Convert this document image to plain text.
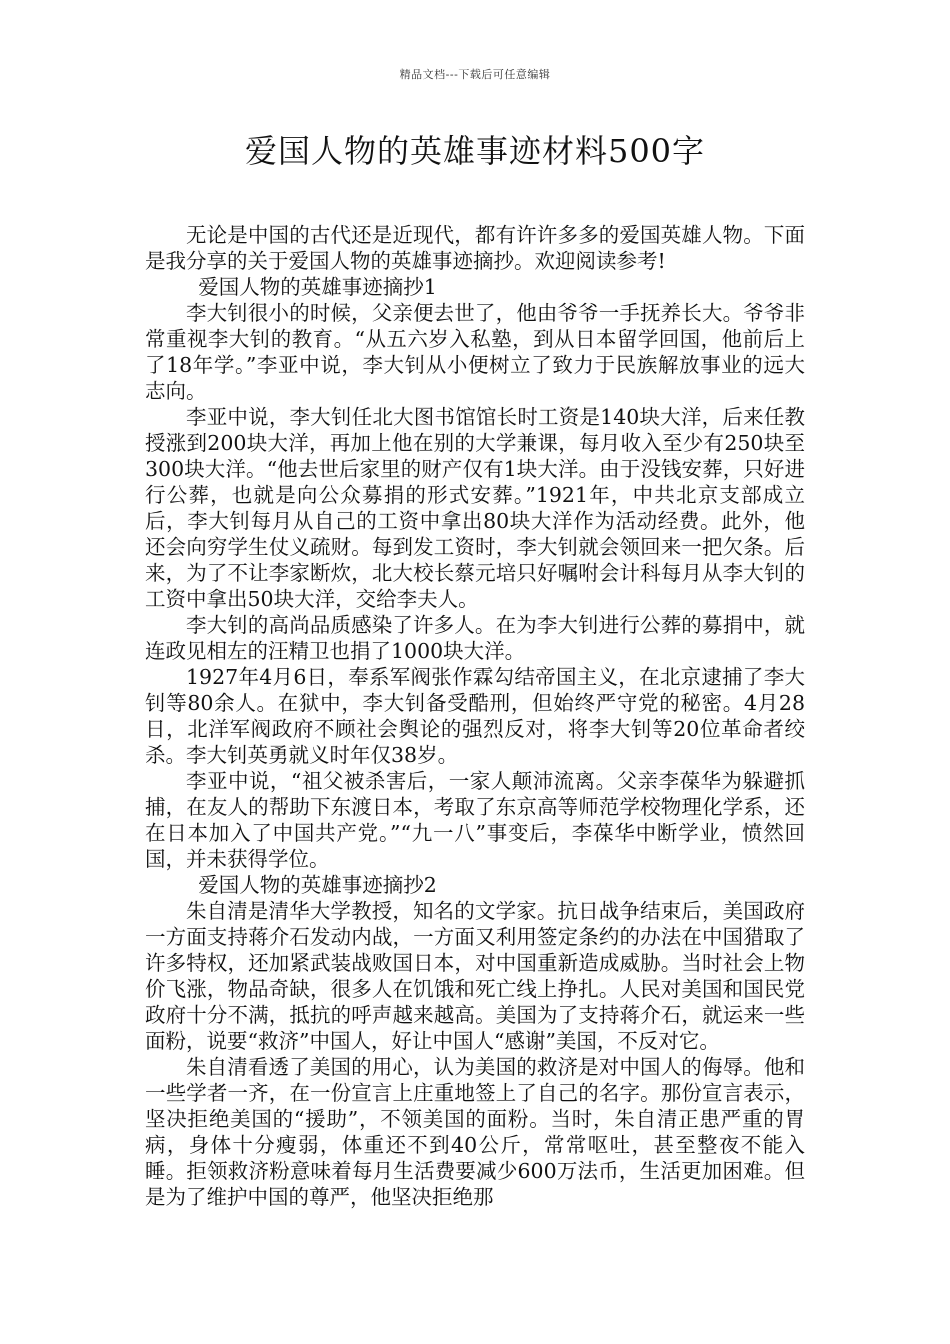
精品文档---下载后可任意编辑
爱国人物的英雄事迹材料500字

无论是中国的古代还是近现代，都有许许多多的爱国英雄人物。下面是我分享的关于爱国人物的英雄事迹摘抄。欢迎阅读参考!

爱国人物的英雄事迹摘抄1

李大钊很小的时候，父亲便去世了，他由爷爷一手抚养长大。爷爷非常重视李大钊的教育。“从五六岁入私塾，到从日本留学回国，他前后上了18年学。”李亚中说，李大钊从小便树立了致力于民族解放事业的远大志向。

李亚中说，李大钊任北大图书馆馆长时工资是140块大洋，后来任教授涨到200块大洋，再加上他在别的大学兼课，每月收入至少有250块至300块大洋。“他去世后家里的财产仅有1块大洋。由于没钱安葬，只好进行公葬，也就是向公众募捐的形式安葬。”1921年，中共北京支部成立后，李大钊每月从自己的工资中拿出80块大洋作为活动经费。此外，他还会向穷学生仗义疏财。每到发工资时，李大钊就会领回来一把欠条。后来，为了不让李家断炊，北大校长蔡元培只好嘱咐会计科每月从李大钊的工资中拿出50块大洋，交给李夫人。

李大钊的高尚品质感染了许多人。在为李大钊进行公葬的募捐中，就连政见相左的汪精卫也捐了1000块大洋。

1927年4月6日，奉系军阀张作霖勾结帝国主义，在北京逮捕了李大钊等80余人。在狱中，李大钊备受酷刑，但始终严守党的秘密。4月28日，北洋军阀政府不顾社会舆论的强烈反对，将李大钊等20位革命者绞杀。李大钊英勇就义时年仅38岁。

李亚中说，“祖父被杀害后，一家人颠沛流离。父亲李葆华为躲避抓捕，在友人的帮助下东渡日本，考取了东京高等师范学校物理化学系，还在日本加入了中国共产党。”“九一八”事变后，李葆华中断学业，愤然回国，并未获得学位。

爱国人物的英雄事迹摘抄2

朱自清是清华大学教授，知名的文学家。抗日战争结束后，美国政府一方面支持蒋介石发动内战，一方面又利用签定条约的办法在中国猎取了许多特权，还加紧武装战败国日本，对中国重新造成威胁。当时社会上物价飞涨，物品奇缺，很多人在饥饿和死亡线上挣扎。人民对美国和国民党政府十分不满，抵抗的呼声越来越高。美国为了支持蒋介石，就运来一些面粉，说要“救济”中国人，好让中国人“感谢”美国，不反对它。

朱自清看透了美国的用心，认为美国的救济是对中国人的侮辱。他和一些学者一齐，在一份宣言上庄重地签上了自己的名字。那份宣言表示，坚决拒绝美国的“援助”，不领美国的面粉。当时，朱自清正患严重的胃病，身体十分瘦弱，体重还不到40公斤，常常呕吐，甚至整夜不能入睡。拒领救济粉意味着每月生活费要减少600万法币，生活更加困难。但是为了维护中国的尊严，他坚决拒绝那
